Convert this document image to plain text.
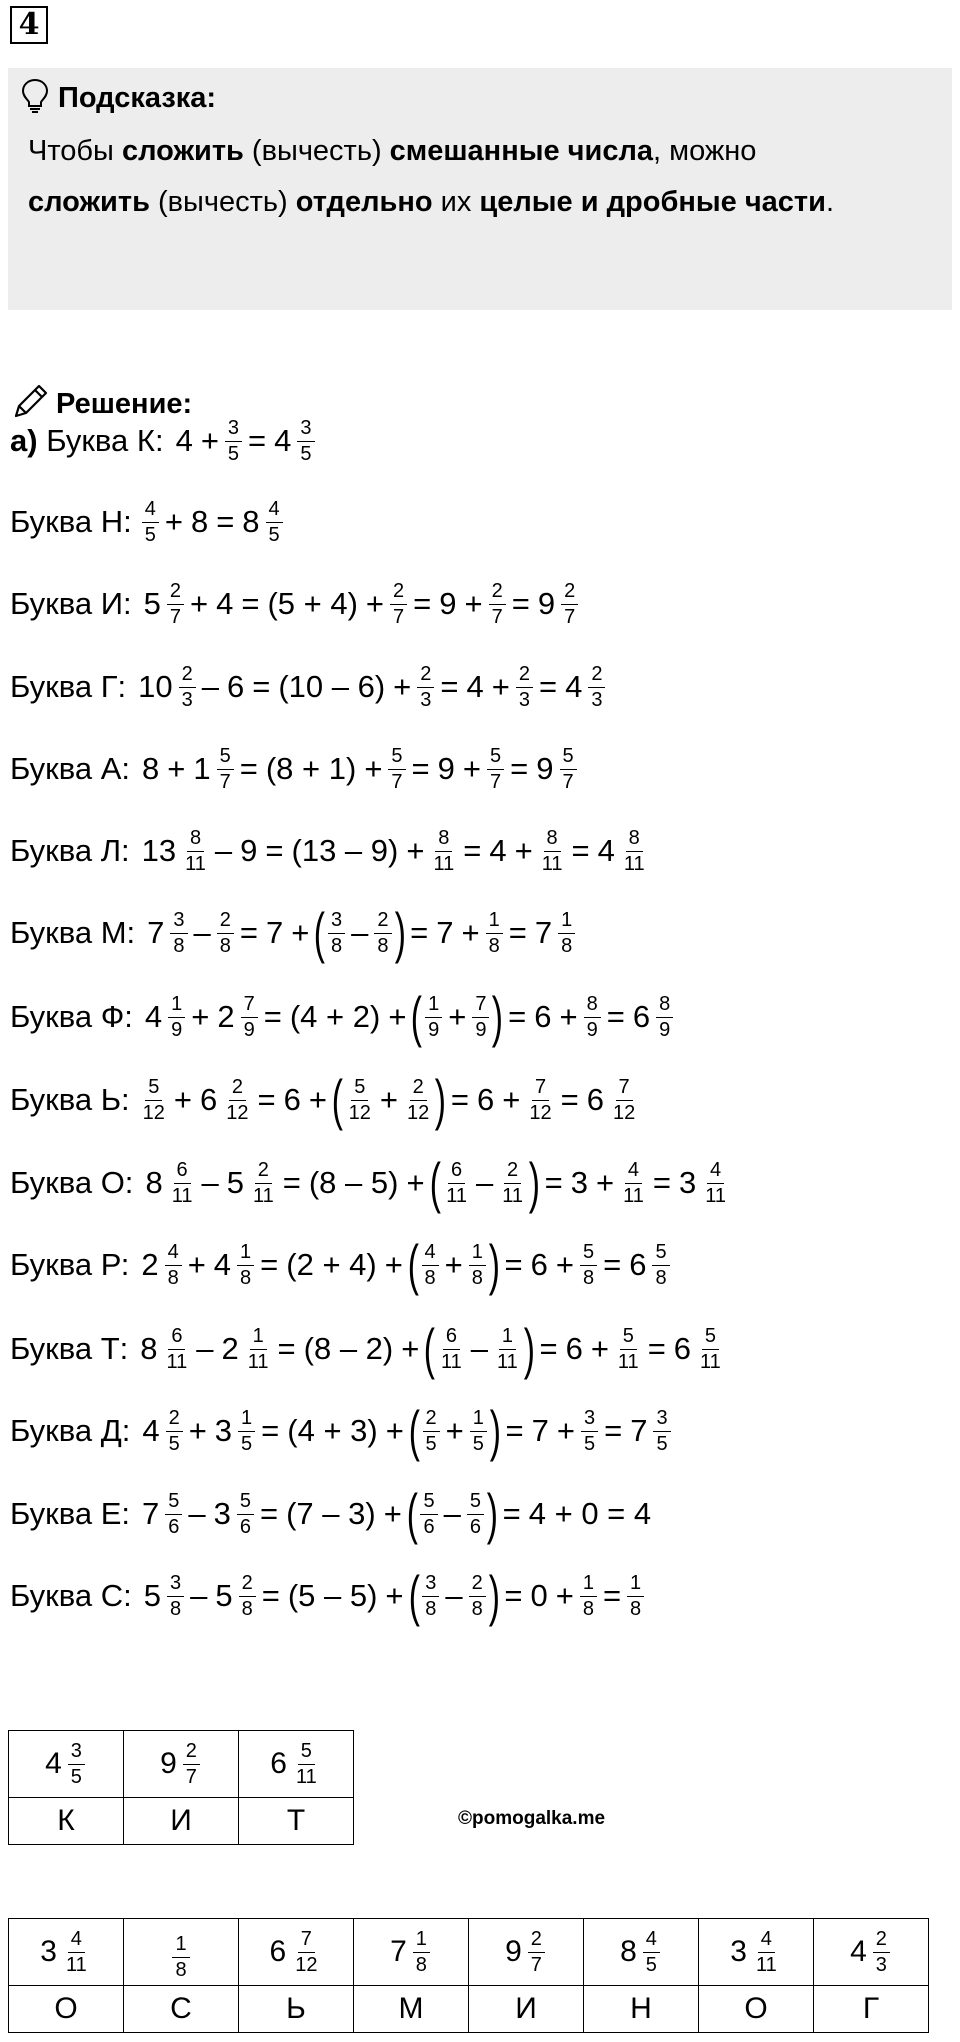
4
Подсказка:
Чтобы сложить (вычесть) смешанные числа, можно
сложить (вычесть) отдельно их целые и дробные части.
Решение:
а) Буква К: $4 + \frac{3}{5} = 4 \frac{3}{5}$
Буква Н: $\frac{4}{5} + 8 = 8 \frac{4}{5}$
Буква И: $5 \frac{2}{7} + 4 = (5 + 4) + \frac{2}{7} = 9 + \frac{2}{7} = 9 \frac{2}{7}$
Буква Г: $10 \frac{2}{3} - 6 = (10 - 6) + \frac{2}{3} = 4 + \frac{2}{3} = 4 \frac{2}{3}$
Буква А: $8 + 1 \frac{5}{7} = (8 + 1) + \frac{5}{7} = 9 + \frac{5}{7} = 9 \frac{5}{7}$
Буква Л: $13 \frac{8}{11} - 9 = (13 - 9) + \frac{8}{11} = 4 + \frac{8}{11} = 4 \frac{8}{11}$
Буква М: $7 \frac{3}{8} - \frac{2}{8} = 7$ + ( $\frac{3}{8} - \frac{2}{8}$ ) = $7 + \frac{1}{8} = 7 \frac{1}{8}$
Буква Ф: $4 \frac{1}{9} + 2 \frac{7}{9} = (4 + 2)$ + ( $\frac{1}{9} + \frac{7}{9}$ ) = $6 + \frac{8}{9} = 6 \frac{8}{9}$
Буква Ь: $\frac{5}{12} + 6 \frac{2}{12} = 6$ + ( $\frac{5}{12} + \frac{2}{12}$ ) = $6 + \frac{7}{12} = 6 \frac{7}{12}$
Буква О: $8 \frac{6}{11} - 5 \frac{2}{11} = (8 - 5)$ + ( $\frac{6}{11} - \frac{2}{11}$ ) = $3 + \frac{4}{11} = 3 \frac{4}{11}$
Буква Р: $2 \frac{4}{8} + 4 \frac{1}{8} = (2 + 4)$ + ( $\frac{4}{8} + \frac{1}{8}$ ) = $6 + \frac{5}{8} = 6 \frac{5}{8}$
Буква Т: $8 \frac{6}{11} - 2 \frac{1}{11} = (8 - 2)$ + ( $\frac{6}{11} - \frac{1}{11}$ ) = $6 + \frac{5}{11} = 6 \frac{5}{11}$
Буква Д: $4 \frac{2}{5} + 3 \frac{1}{5} = (4 + 3)$ + ( $\frac{2}{5} + \frac{1}{5}$ ) = $7 + \frac{3}{5} = 7 \frac{3}{5}$
Буква Е: $7 \frac{5}{6} - 3 \frac{5}{6} = (7 - 3)$ + ( $\frac{5}{6} - \frac{5}{6}$ ) = 4 + 0 = 4
Буква С: $5 \frac{3}{8} - 5 \frac{2}{8} = (5 - 5)$ + ( $\frac{3}{8} - \frac{2}{8}$ ) = $0 + \frac{1}{8} = \frac{1}{8}$
$4 \frac{3}{5}$	$9 \frac{2}{7}$	$6 \frac{5}{11}$

К	И	Т	©pomogalka.me
$3 \frac{4}{11}$	$\frac{1}{8}$	$6 \frac{7}{12}$	$7 \frac{1}{8}$	$9 \frac{2}{7}$	$8 \frac{4}{5}$	$3 \frac{4}{11}$	$4 \frac{2}{3}$

О	С	Ь	М	И	Н	О	Г
